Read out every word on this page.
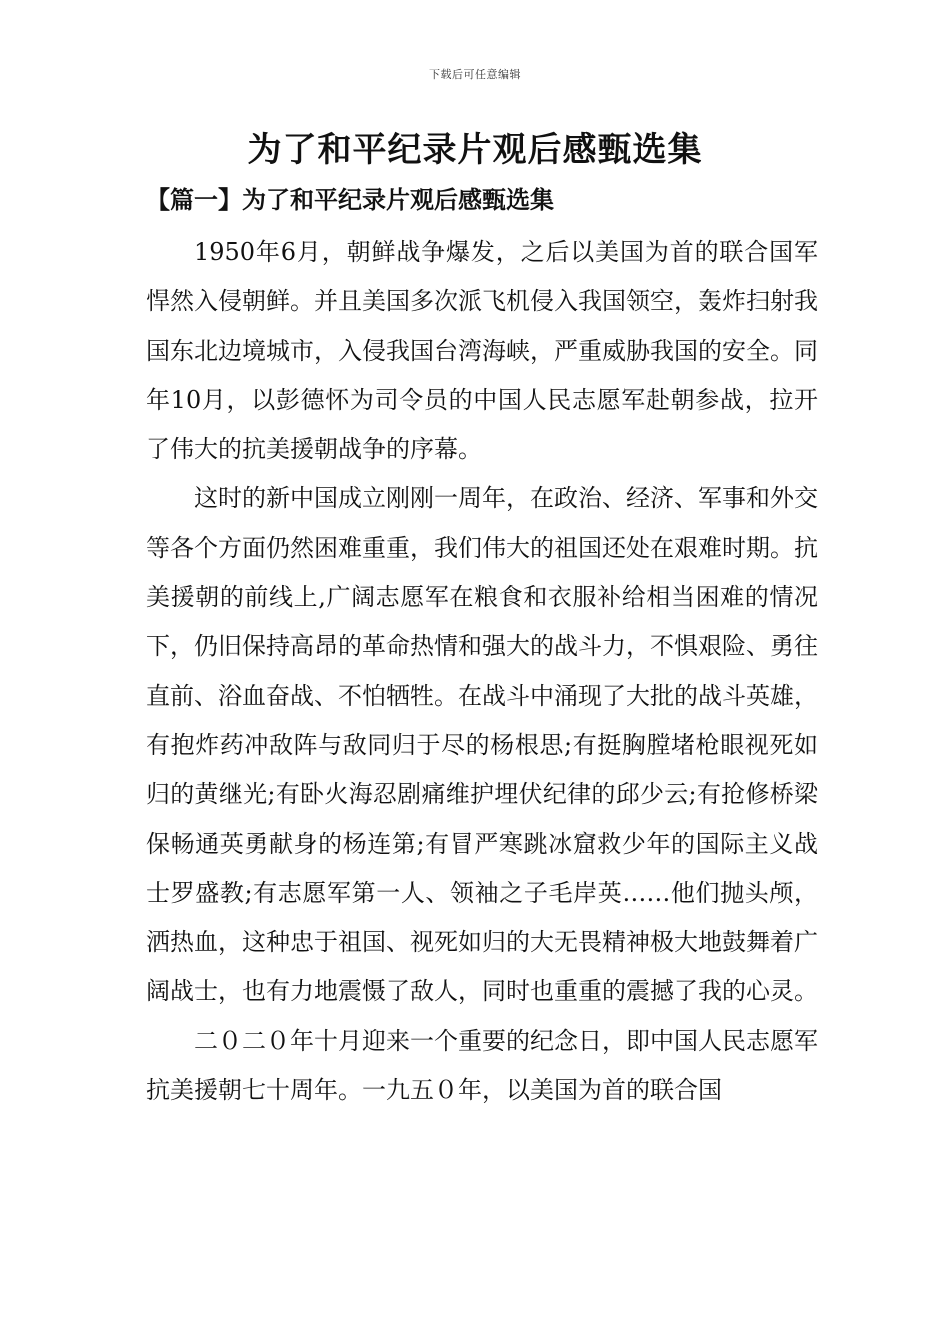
下载后可任意编辑
为了和平纪录片观后感甄选集
【篇一】为了和平纪录片观后感甄选集

1950年6月，朝鲜战争爆发，之后以美国为首的联合国军悍然入侵朝鲜。并且美国多次派飞机侵入我国领空，轰炸扫射我国东北边境城市，入侵我国台湾海峡，严重威胁我国的安全。同年10月，以彭德怀为司令员的中国人民志愿军赴朝参战，拉开了伟大的抗美援朝战争的序幕。

这时的新中国成立刚刚一周年，在政治、经济、军事和外交等各个方面仍然困难重重，我们伟大的祖国还处在艰难时期。抗美援朝的前线上,广阔志愿军在粮食和衣服补给相当困难的情况下，仍旧保持高昂的革命热情和强大的战斗力，不惧艰险、勇往直前、浴血奋战、不怕牺牲。在战斗中涌现了大批的战斗英雄，有抱炸药冲敌阵与敌同归于尽的杨根思;有挺胸膛堵枪眼视死如归的黄继光;有卧火海忍剧痛维护埋伏纪律的邱少云;有抢修桥梁保畅通英勇献身的杨连第;有冒严寒跳冰窟救少年的国际主义战士罗盛教;有志愿军第一人、领袖之子毛岸英……他们抛头颅，洒热血，这种忠于祖国、视死如归的大无畏精神极大地鼓舞着广阔战士，也有力地震慑了敌人，同时也重重的震撼了我的心灵。

二０二０年十月迎来一个重要的纪念日，即中国人民志愿军抗美援朝七十周年。一九五０年，以美国为首的联合国
